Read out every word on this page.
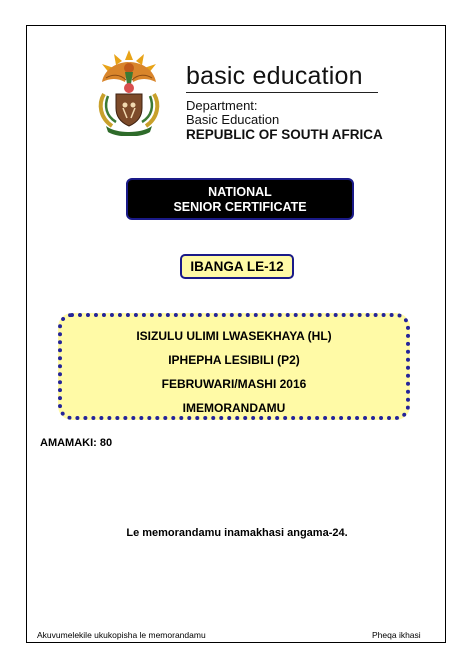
basic education
Department:
Basic Education
REPUBLIC OF SOUTH AFRICA
NATIONAL
SENIOR CERTIFICATE
IBANGA LE-12
ISIZULU ULIMI LWASEKHAYA (HL)
IPHEPHA LESIBILI (P2)
FEBRUWARI/MASHI 2016
IMEMORANDAMU
AMAMAKI: 80
Le memorandamu inamakhasi angama-24.
Akuvumelekile ukukopisha le memorandamu	Pheqa ikhasi
